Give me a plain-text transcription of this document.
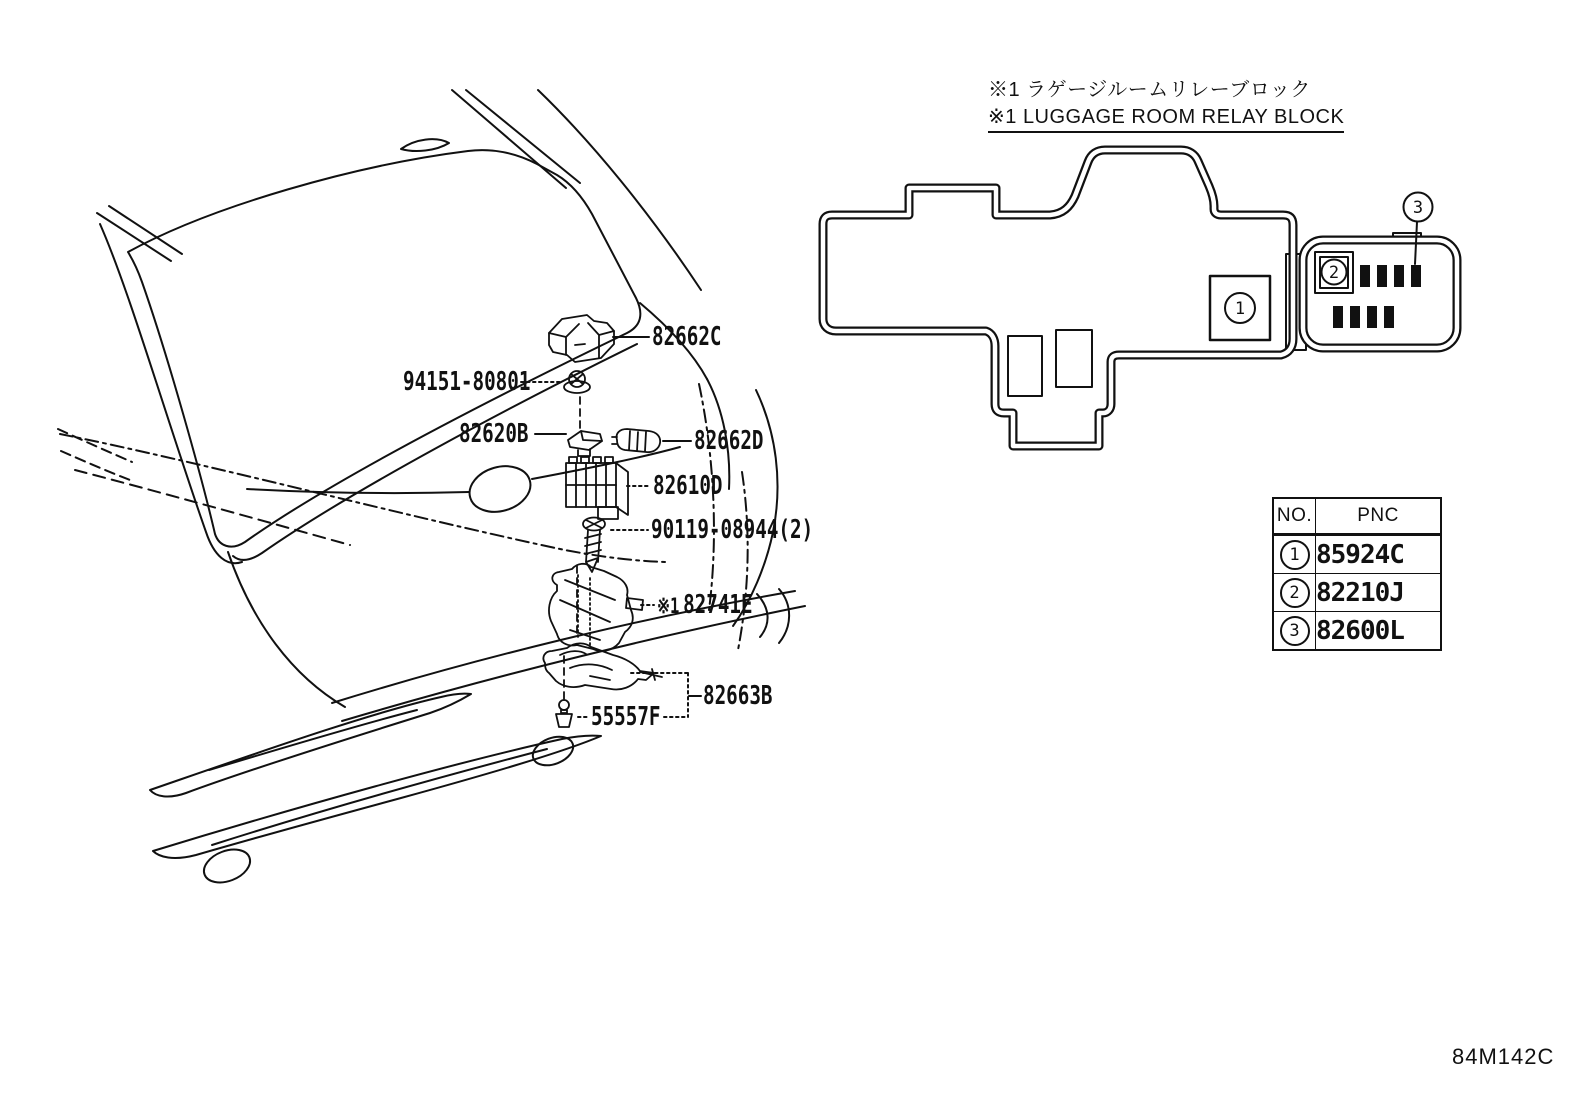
1
2
3
※1 ラゲージルームリレーブロック
※1 LUGGAGE ROOM RELAY BLOCK
82662C
94151-80801
82620B	82662D
82610D
90119-08944(2)
※1 82741E
82663B
55557F
NO.	PNC
1	85924C
2	82210J
3	82600L
84M142C
